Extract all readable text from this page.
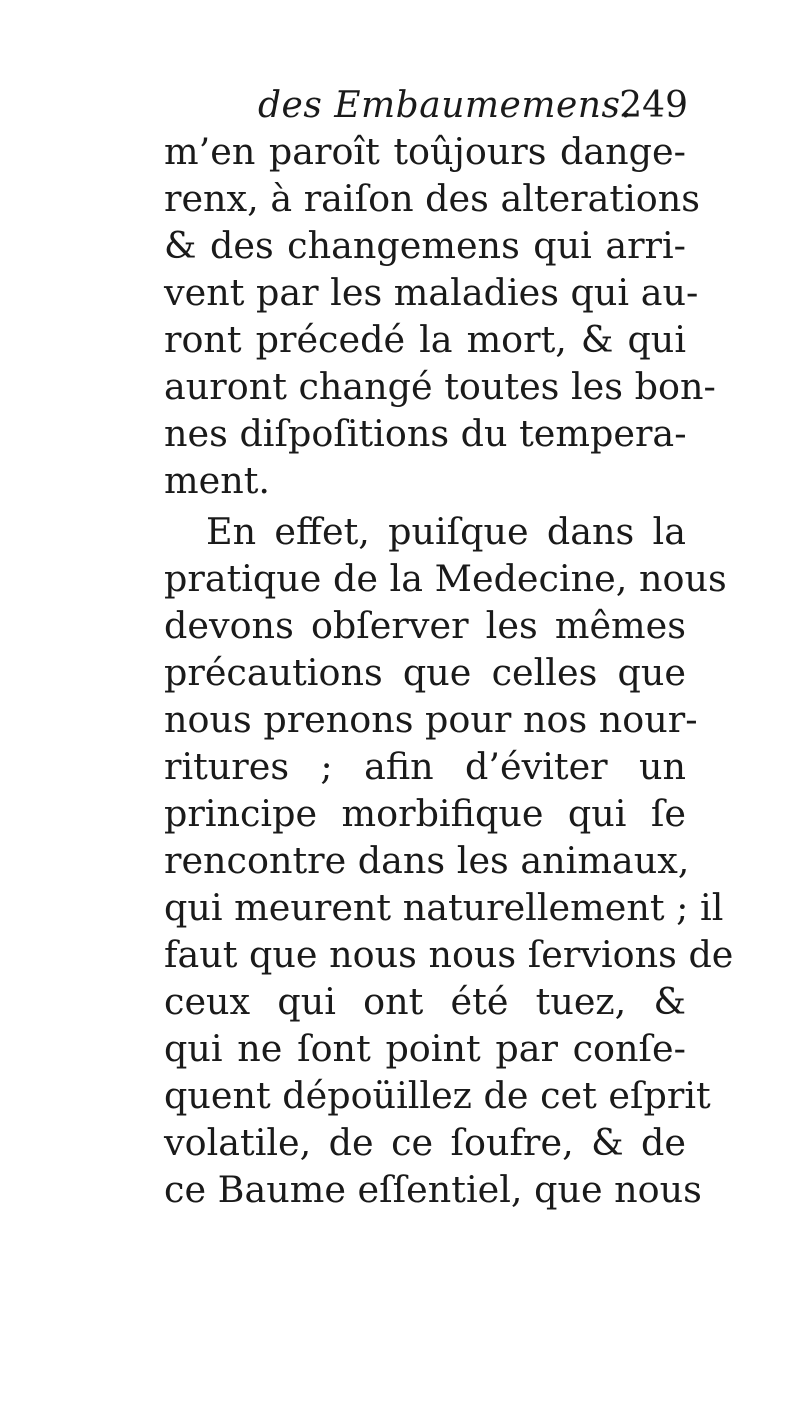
des Embaumemens.
249
m’en paroît toûjours dange-
renx, à raiſon des alterations
& des changemens qui arri-
vent par les maladies qui au-
ront précedé la mort, & qui
auront changé toutes les bon-
nes diſpoſitions du tempera-
ment.
En effet, puiſque dans la
pratique de la Medecine, nous
devons obſerver les mêmes
précautions que celles que
nous prenons pour nos nour-
ritures ; afin d’éviter un
principe morbifique qui ſe
rencontre dans les animaux,
qui meurent naturellement ; il
faut que nous nous ſervions de
ceux qui ont été tuez, &
qui ne ſont point par conſe-
quent dépoüillez de cet eſprit
volatile, de ce ſoufre, & de
ce Baume eſſentiel, que nous
